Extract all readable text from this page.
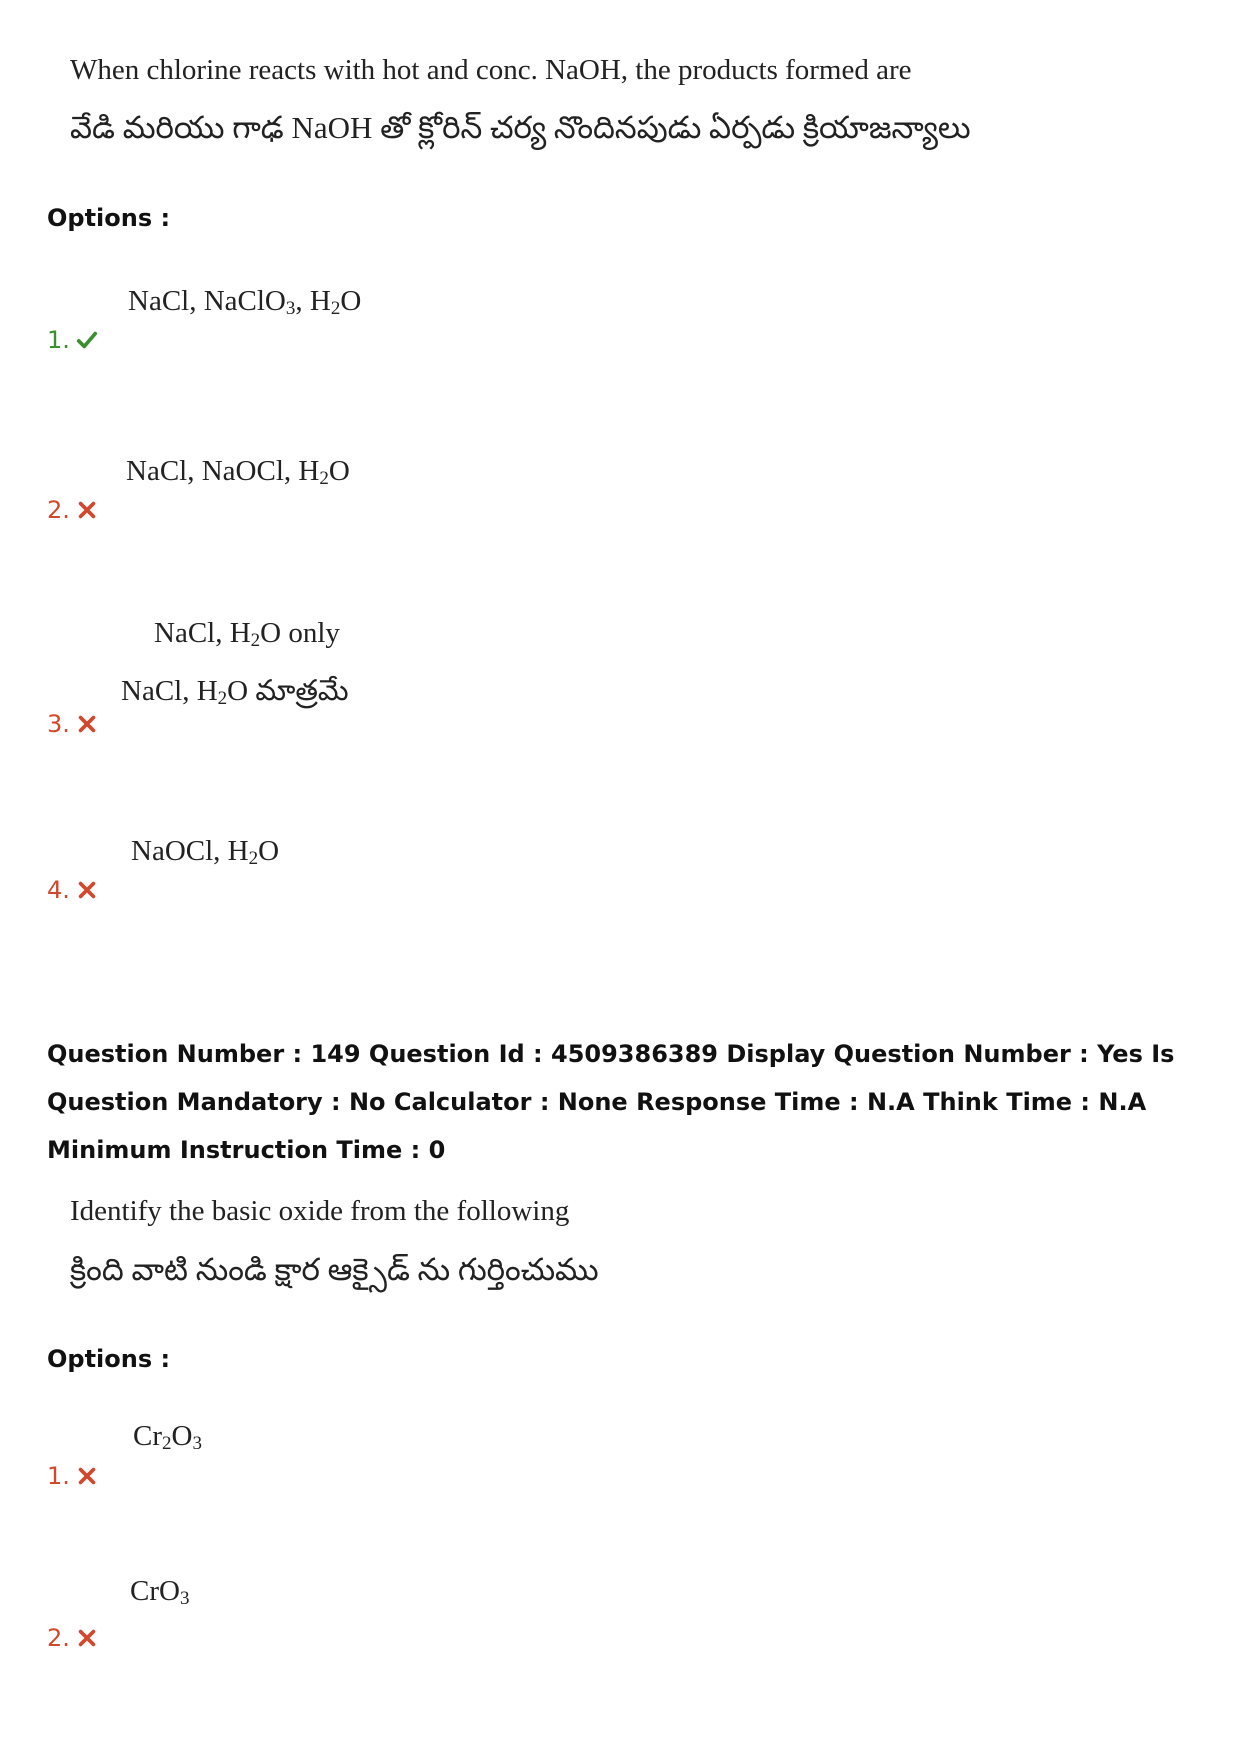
When chlorine reacts with hot and conc. NaOH, the products formed are
వేడి మరియు గాఢ NaOH తో క్లోరిన్ చర్య నొందినపుడు ఏర్పడు క్రియాజన్యాలు
Options :
NaCl, NaClO$_3$, $H_2O$
1.
NaCl, NaOCl, $H_2O$
2.
NaCl, $H_2O$ only
NaCl, $H_2O$ మాత్రమే
3.
NaOCl, $H_2O$
4.
Question Number : 149 Question Id : 4509386389 Display Question Number : Yes Is Question Mandatory : No Calculator : None Response Time : N.A Think Time : N.A Minimum Instruction Time : 0
Identify the basic oxide from the following
క్రింది వాటి నుండి క్షార ఆక్సైడ్ ను గుర్తించుము
Options :
$Cr_2O_3$
1.
CrO$_3$
2.
